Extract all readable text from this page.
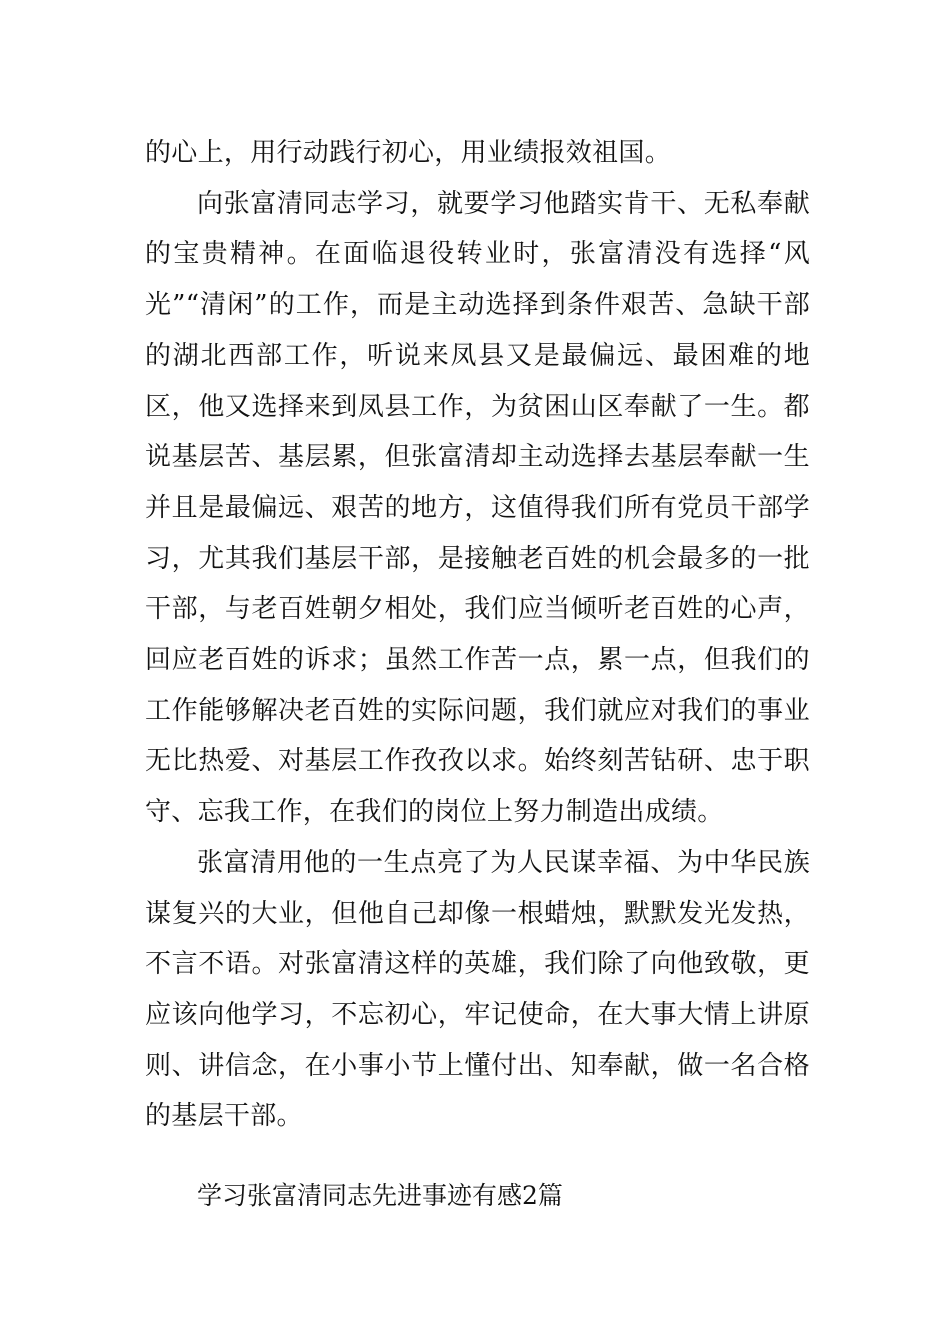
的心上，用行动践行初心，用业绩报效祖国。

向张富清同志学习，就要学习他踏实肯干、无私奉献的宝贵精神。在面临退役转业时，张富清没有选择“风光”“清闲”的工作，而是主动选择到条件艰苦、急缺干部的湖北西部工作，听说来凤县又是最偏远、最困难的地区，他又选择来到凤县工作，为贫困山区奉献了一生。都说基层苦、基层累，但张富清却主动选择去基层奉献一生并且是最偏远、艰苦的地方，这值得我们所有党员干部学习，尤其我们基层干部，是接触老百姓的机会最多的一批干部，与老百姓朝夕相处，我们应当倾听老百姓的心声，回应老百姓的诉求；虽然工作苦一点，累一点，但我们的工作能够解决老百姓的实际问题，我们就应对我们的事业无比热爱、对基层工作孜孜以求。始终刻苦钻研、忠于职守、忘我工作，在我们的岗位上努力制造出成绩。

张富清用他的一生点亮了为人民谋幸福、为中华民族谋复兴的大业，但他自己却像一根蜡烛，默默发光发热，不言不语。对张富清这样的英雄，我们除了向他致敬，更应该向他学习，不忘初心，牢记使命，在大事大情上讲原则、讲信念，在小事小节上懂付出、知奉献，做一名合格的基层干部。

学习张富清同志先进事迹有感2篇
